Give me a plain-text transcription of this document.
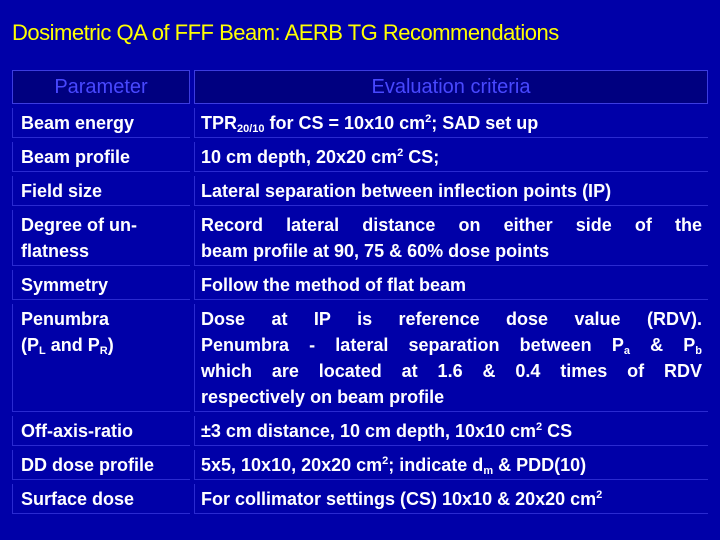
Dosimetric QA of FFF Beam: AERB TG Recommendations
Parameter	Evaluation criteria
Beam energy	$TPR_{20/10}$ for CS = 10x10 $cm^2$; SAD set up
Beam profile	10 cm depth, 20x20 $cm^2$ CS;
Field size	Lateral separation between inflection points (IP)

Degree of un-
flatness	Record lateral distance on either side of the
beam profile at 90, 75 & 60% dose points

Symmetry	Follow the method of flat beam

Penumbra
($P_L$ and $P_R$)	Dose at IP is reference dose value (RDV).
Penumbra - lateral separation between $P_a$ & $P_b$
which are located at 1.6 & 0.4 times of RDV
respectively on beam profile

Off-axis-ratio	±3 cm distance, 10 cm depth, 10x10 $cm^2$ CS
DD dose profile	5x5, 10x10, 20x20 $cm^2$; indicate $d_m$ & PDD(10)
Surface dose	For collimator settings (CS) 10x10 & 20x20 $cm^2$
